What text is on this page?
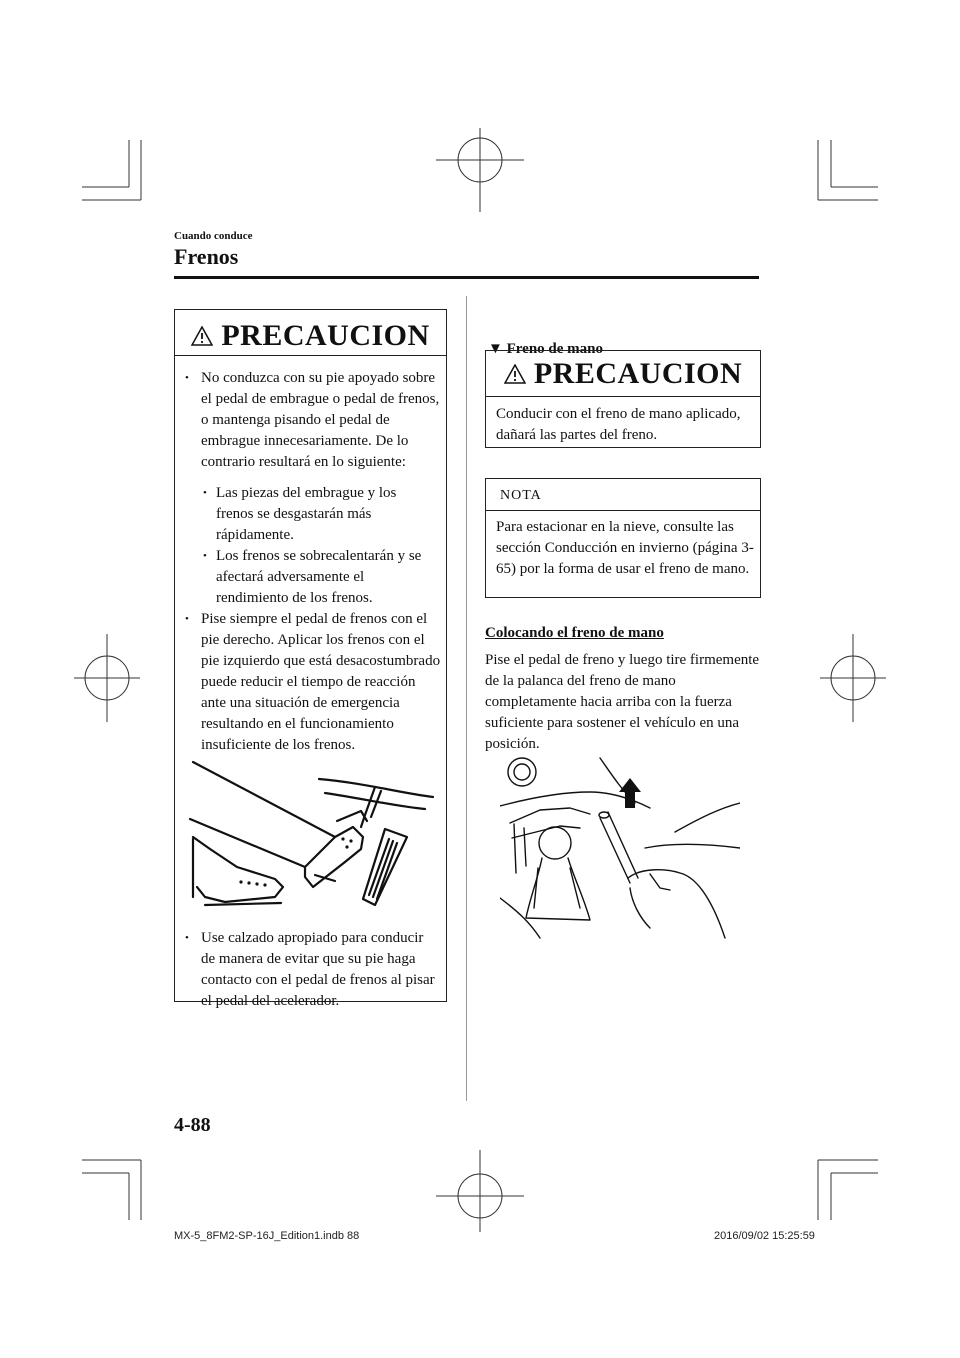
Cuando conduce
Frenos
PRECAUCION
• No conduzca con su pie apoyado sobre el pedal de embrague o pedal de frenos, o mantenga pisando el pedal de embrague innecesariamente. De lo contrario resultará en lo siguiente:
• Las piezas del embrague y los frenos se desgastarán más rápidamente.
• Los frenos se sobrecalentarán y se afectará adversamente el rendimiento de los frenos.
• Pise siempre el pedal de frenos con el pie derecho. Aplicar los frenos con el pie izquierdo que está desacostumbrado puede reducir el tiempo de reacción ante una situación de emergencia resultando en el funcionamiento insuficiente de los frenos.
• Use calzado apropiado para conducir de manera de evitar que su pie haga contacto con el pedal de frenos al pisar el pedal del acelerador.
▼ Freno de mano
PRECAUCION
Conducir con el freno de mano aplicado, dañará las partes del freno.
NOTA
Para estacionar en la nieve, consulte las sección Conducción en invierno (página 3-65) por la forma de usar el freno de mano.
Colocando el freno de mano
Pise el pedal de freno y luego tire firmemente de la palanca del freno de mano completamente hacia arriba con la fuerza suficiente para sostener el vehículo en una posición.
4-88
MX-5_8FM2-SP-16J_Edition1.indb 88	2016/09/02 15:25:59
